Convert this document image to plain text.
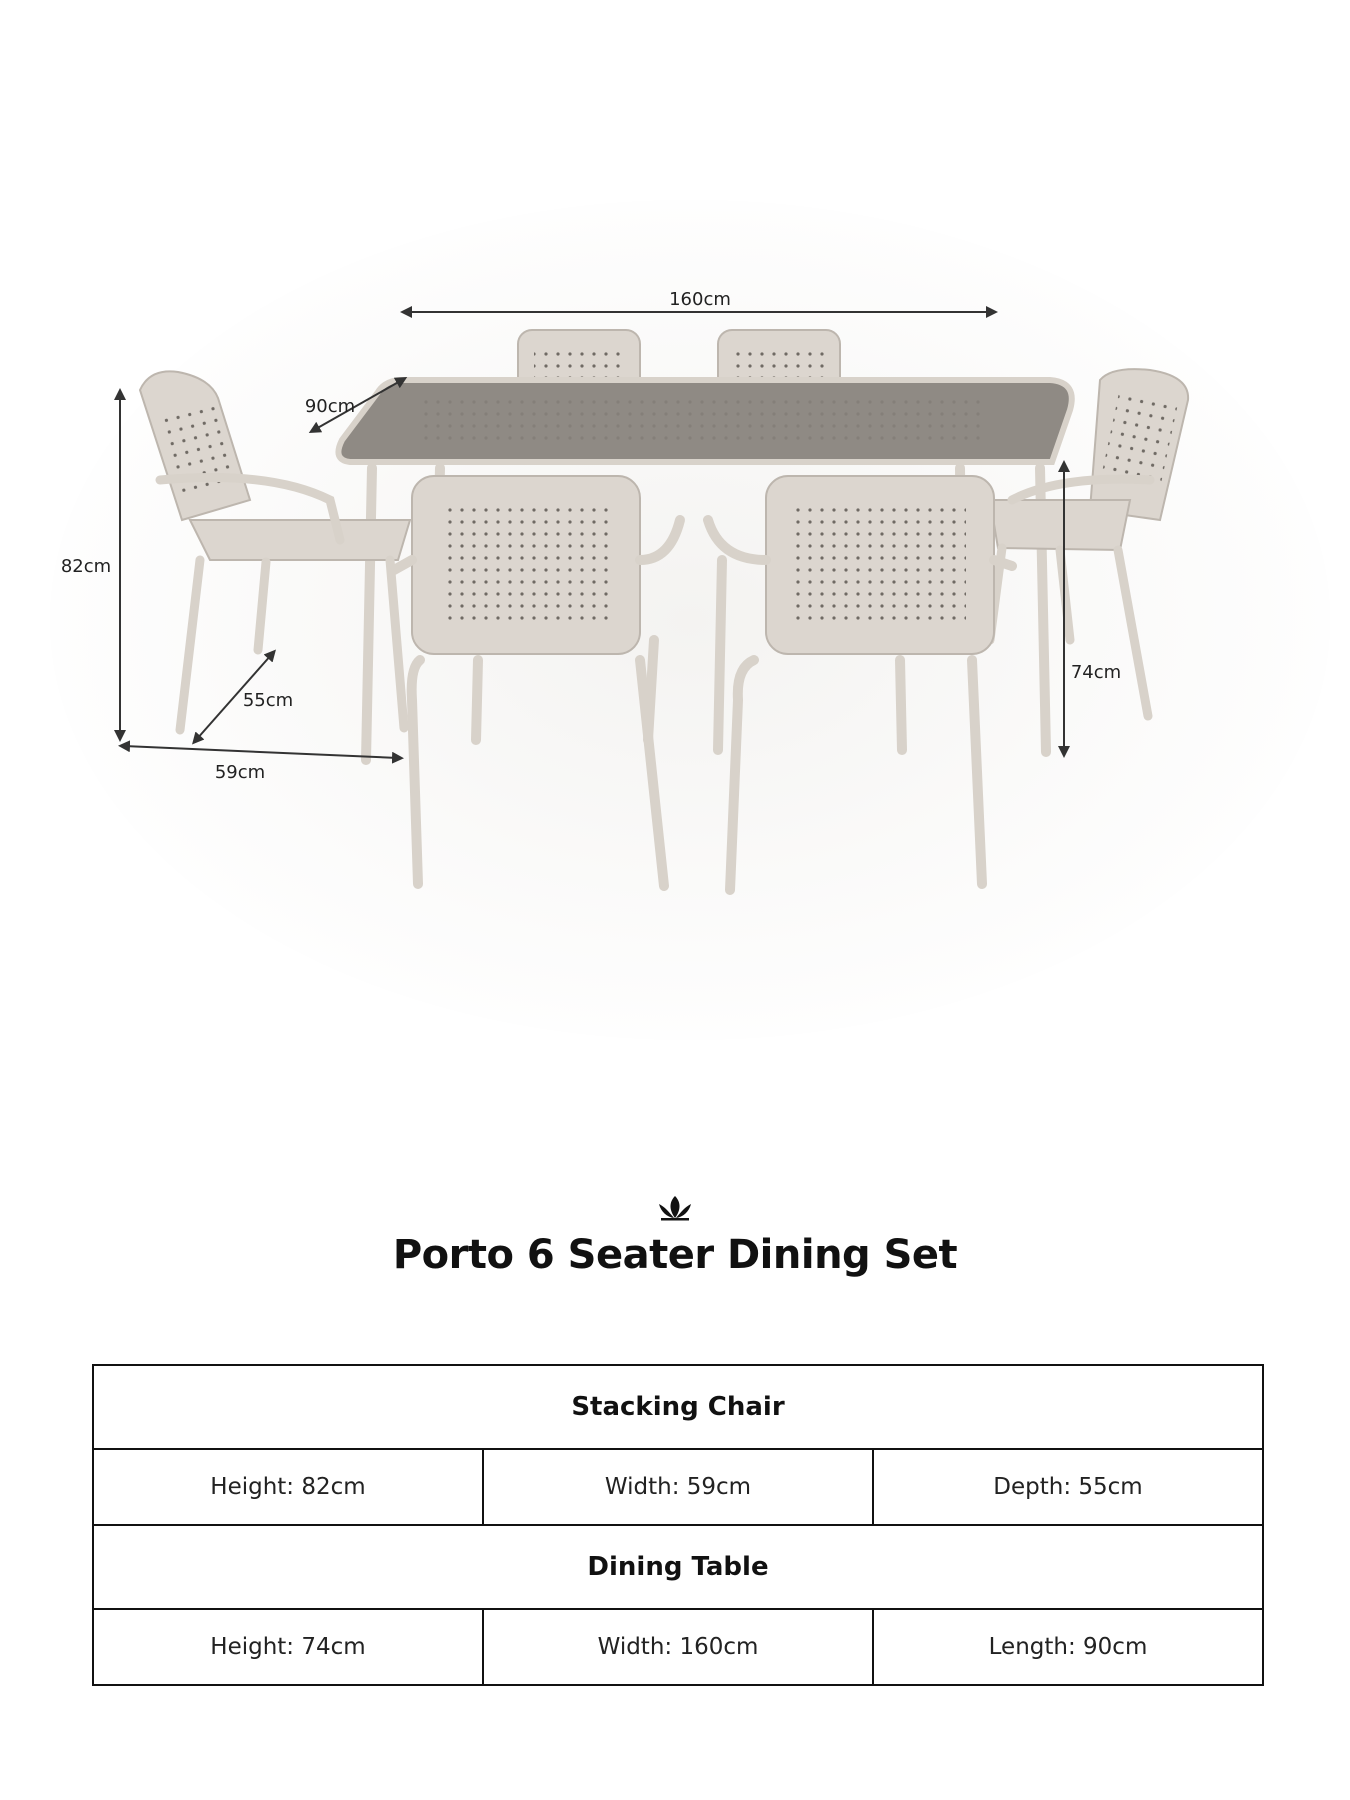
160cm
90cm
82cm
55cm
59cm
74cm
Porto 6 Seater Dining Set
Stacking Chair		
Height: 82cm	Width: 59cm	Depth: 55cm
Dining Table		
Height: 74cm	Width: 160cm	Length: 90cm
